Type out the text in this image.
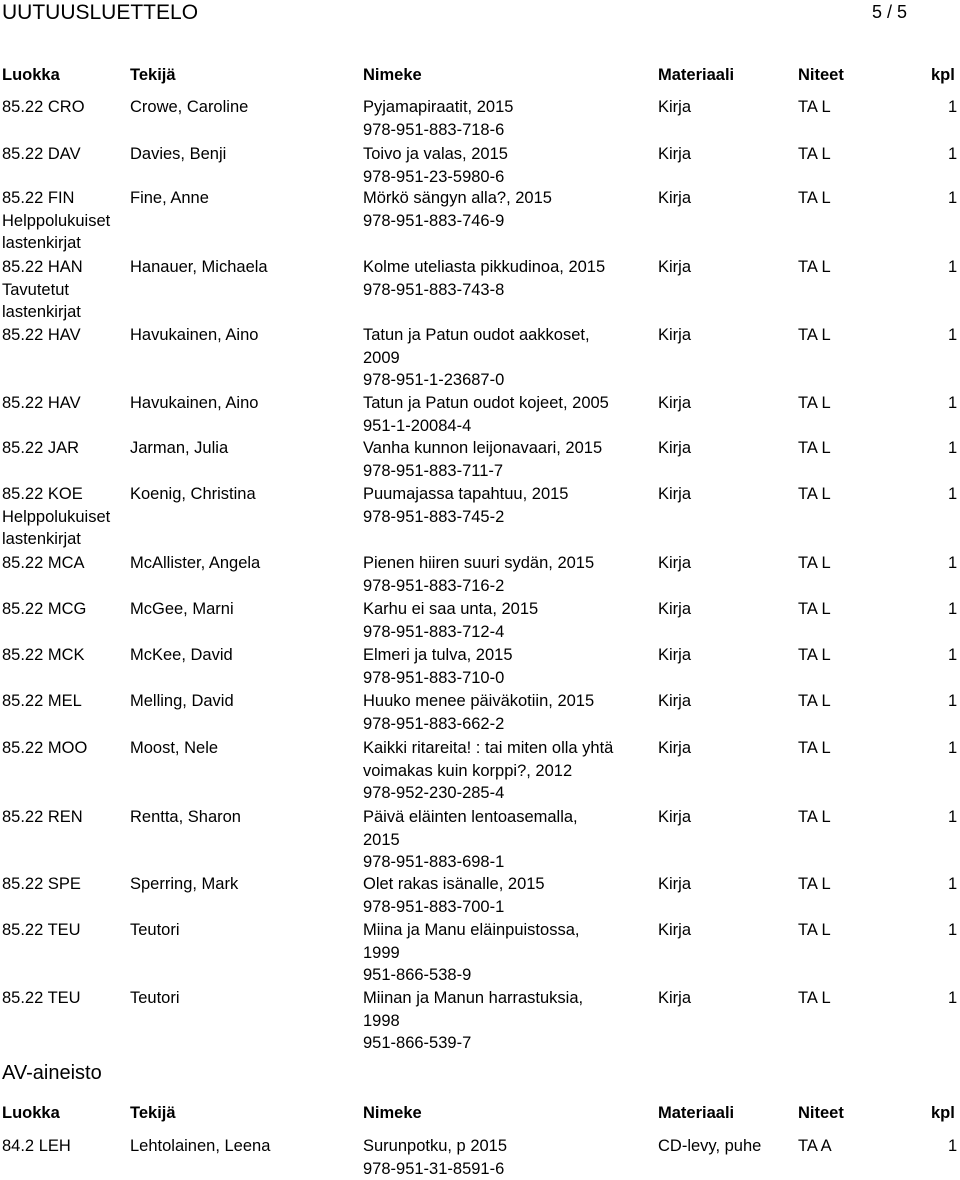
UUTUUSLUETTELO	5 / 5
Luokka	Tekijä	Nimeke	Materiaali	Niteet	kpl
85.22 CRO	Crowe, Caroline	Pyjamapiraatit, 2015
978-951-883-718-6
Kirja	TA L	1
85.22 DAV	Davies, Benji	Toivo ja valas, 2015
978-951-23-5980-6
Kirja	TA L	1
85.22 FIN
Helppolukuiset
lastenkirjat
Fine, Anne	Mörkö sängyn alla?, 2015
978-951-883-746-9
Kirja	TA L	1
85.22 HAN
Tavutetut
lastenkirjat
Hanauer, Michaela	Kolme uteliasta pikkudinoa, 2015
978-951-883-743-8
Kirja	TA L	1
85.22 HAV	Havukainen, Aino	Tatun ja Patun oudot aakkoset,
2009
978-951-1-23687-0
Kirja	TA L	1
85.22 HAV	Havukainen, Aino	Tatun ja Patun oudot kojeet, 2005
951-1-20084-4
Kirja	TA L	1
85.22 JAR	Jarman, Julia	Vanha kunnon leijonavaari, 2015
978-951-883-711-7
Kirja	TA L	1
85.22 KOE
Helppolukuiset
lastenkirjat
Koenig, Christina	Puumajassa tapahtuu, 2015
978-951-883-745-2
Kirja	TA L	1
85.22 MCA	McAllister, Angela	Pienen hiiren suuri sydän, 2015
978-951-883-716-2
Kirja	TA L	1
85.22 MCG	McGee, Marni	Karhu ei saa unta, 2015
978-951-883-712-4
Kirja	TA L	1
85.22 MCK	McKee, David	Elmeri ja tulva, 2015
978-951-883-710-0
Kirja	TA L	1
85.22 MEL	Melling, David	Huuko menee päiväkotiin, 2015
978-951-883-662-2
Kirja	TA L	1
85.22 MOO	Moost, Nele	Kaikki ritareita! : tai miten olla yhtä
voimakas kuin korppi?, 2012
978-952-230-285-4
Kirja	TA L	1
85.22 REN	Rentta, Sharon	Päivä eläinten lentoasemalla,
2015
978-951-883-698-1
Kirja	TA L	1
85.22 SPE	Sperring, Mark	Olet rakas isänalle, 2015
978-951-883-700-1
Kirja	TA L	1
85.22 TEU	Teutori	Miina ja Manu eläinpuistossa,
1999
951-866-538-9
Kirja	TA L	1
85.22 TEU	Teutori	Miinan ja Manun harrastuksia,
1998
951-866-539-7
Kirja	TA L	1
AV-aineisto
Luokka	Tekijä	Nimeke	Materiaali	Niteet	kpl
84.2 LEH	Lehtolainen, Leena	Surunpotku, p 2015
978-951-31-8591-6
CD-levy, puhe TA A	1
